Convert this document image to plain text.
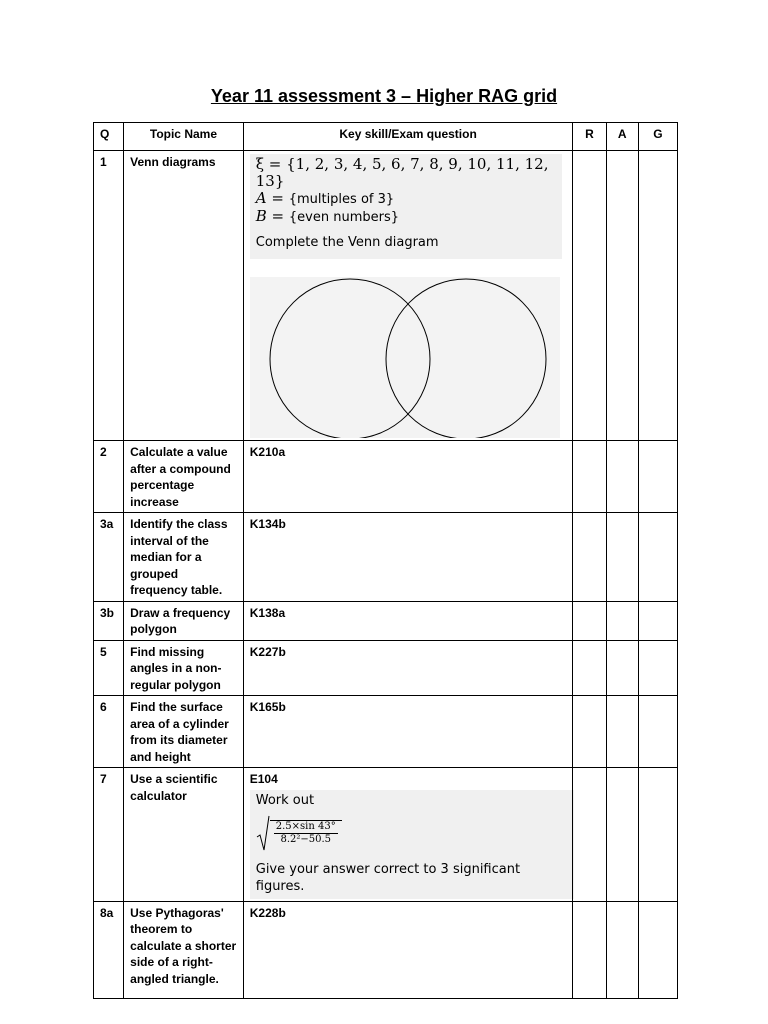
Year 11 assessment 3 – Higher RAG grid
Q	Topic Name	Key skill/Exam question	R	A	G
1	Venn diagrams	ξ = {1, 2, 3, 4, 5, 6, 7, 8, 9, 10, 11, 12, 13}
A = {multiples of 3}
B = {even numbers}
Complete the Venn diagram			

2	Calculate a value after a compound percentage increase	K210a			
3a	Identify the class interval of the median for a grouped frequency table.	K134b			
3b	Draw a frequency polygon	K138a			
5	Find missing angles in a non-regular polygon	K227b			
6	Find the surface area of a cylinder from its diameter and height	K165b			
7	Use a scientific calculator	E104
Work out
$\frac{2.5\times\sin 43^\circ}{\text{8.2²−50.5}}$
Give your answer correct to 3 significant figures.			

8a	Use Pythagoras' theorem to calculate a shorter side of a right-angled triangle.	K228b			
